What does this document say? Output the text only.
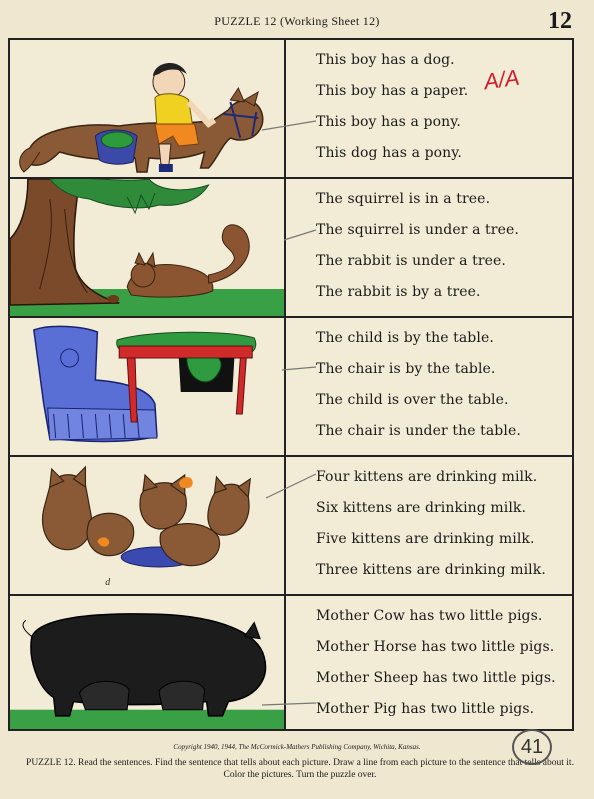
PUZZLE 12 (Working Sheet 12)	12
This boy has a dog.
This boy has a paper.
This boy has a pony.
This dog has a pony.
The squirrel is in a tree.
The squirrel is under a tree.
The rabbit is under a tree.
The rabbit is by a tree.
The child is by the table.
The chair is by the table.
The child is over the table.
The chair is under the table.
d
Four kittens are drinking milk.
Six kittens are drinking milk.
Five kittens are drinking milk.
Three kittens are drinking milk.
Mother Cow has two little pigs.
Mother Horse has two little pigs.
Mother Sheep has two little pigs.
Mother Pig has two little pigs.
A/A
Copyright 1940, 1944, The McCormick-Mathers Publishing Company, Wichita, Kansas.
PUZZLE 12. Read the sentences. Find the sentence that tells about each picture. Draw a line from each picture to the sentence that tells about it. Color the pictures. Turn the puzzle over.
41
